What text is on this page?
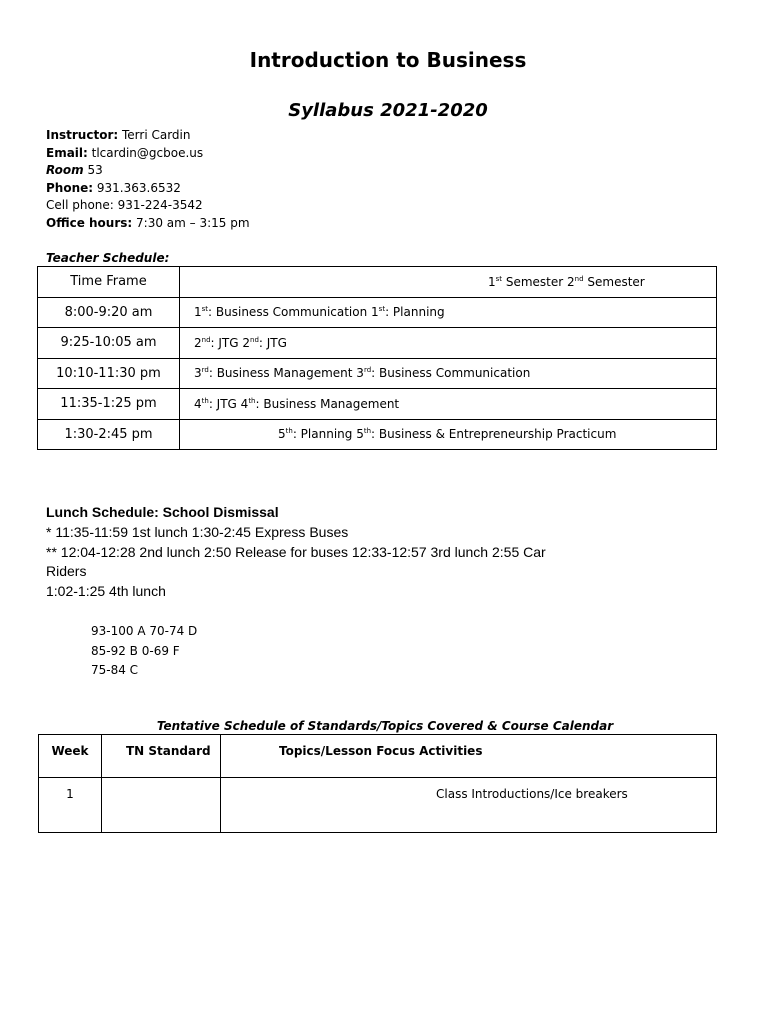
Introduction to Business
Syllabus 2021-2020
Instructor: Terri Cardin
Email: tlcardin@gcboe.us
Room 53
Phone: 931.363.6532
Cell phone: 931-224-3542
Office hours: 7:30 am – 3:15 pm
Teacher Schedule:
Time Frame	1st Semester 2nd Semester
8:00-9:20 am	1st: Business Communication 1st: Planning
9:25-10:05 am	2nd: JTG 2nd: JTG
10:10-11:30 pm	3rd: Business Management 3rd: Business Communication
11:35-1:25 pm	4th: JTG 4th: Business Management
1:30-2:45 pm	5th: Planning 5th: Business & Entrepreneurship Practicum
Lunch Schedule: School Dismissal
* 11:35-11:59 1st lunch 1:30-2:45 Express Buses
** 12:04-12:28 2nd lunch 2:50 Release for buses 12:33-12:57 3rd lunch 2:55 Car
Riders
1:02-1:25 4th lunch
93-100 A 70-74 D
85-92 B 0-69 F
75-84 C
Tentative Schedule of Standards/Topics Covered & Course Calendar
Week	TN Standard	Topics/Lesson Focus Activities
1		Class Introductions/Ice breakers
